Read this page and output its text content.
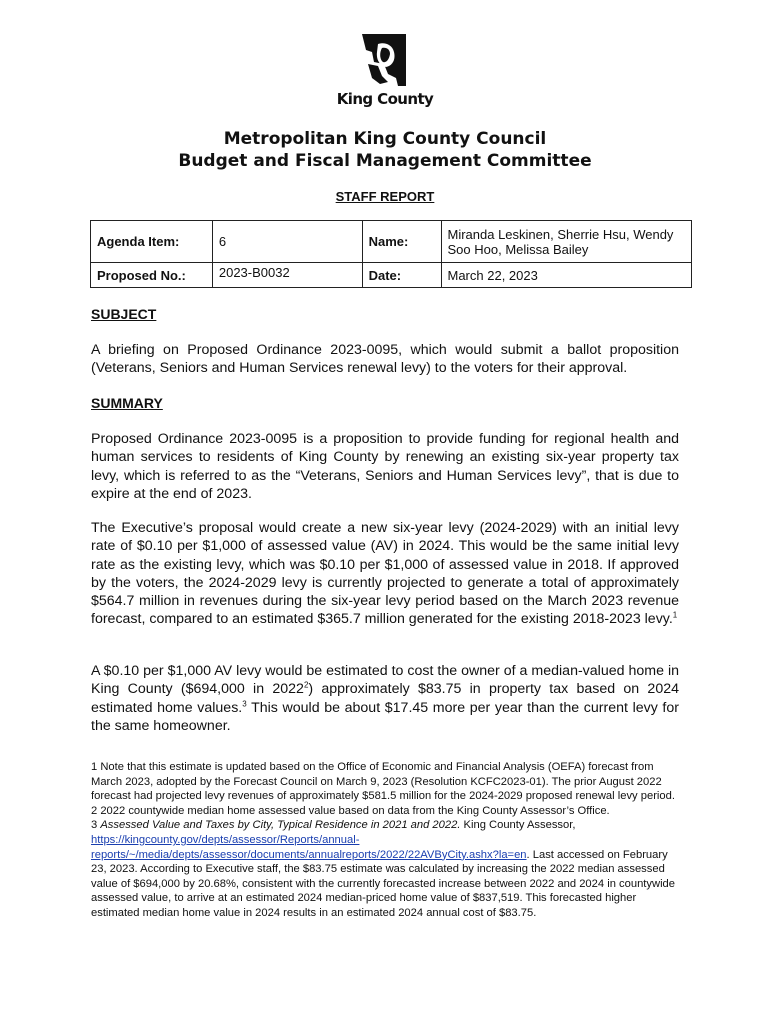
King County
Metropolitan King County Council
Budget and Fiscal Management Committee
STAFF REPORT
Agenda Item:	6	Name:	Miranda Leskinen, Sherrie Hsu, Wendy Soo Hoo, Melissa Bailey
Proposed No.:	2023-B0032	Date:	March 22, 2023
SUBJECT
A briefing on Proposed Ordinance 2023-0095, which would submit a ballot proposition (Veterans, Seniors and Human Services renewal levy) to the voters for their approval.
SUMMARY
Proposed Ordinance 2023-0095 is a proposition to provide funding for regional health and human services to residents of King County by renewing an existing six-year property tax levy, which is referred to as the “Veterans, Seniors and Human Services levy”, that is due to expire at the end of 2023.
The Executive’s proposal would create a new six-year levy (2024-2029) with an initial levy rate of $0.10 per $1,000 of assessed value (AV) in 2024. This would be the same initial levy rate as the existing levy, which was $0.10 per $1,000 of assessed value in 2018. If approved by the voters, the 2024-2029 levy is currently projected to generate a total of approximately $564.7 million in revenues during the six-year levy period based on the March 2023 revenue forecast, compared to an estimated $365.7 million generated for the existing 2018-2023 levy.$^1$
A $0.10 per $1,000 AV levy would be estimated to cost the owner of a median-valued home in King County ($694,000 in 2022$^2$) approximately $83.75 in property tax based on 2024 estimated home values.$^3$ This would be about $17.45 more per year than the current levy for the same homeowner.

1 Note that this estimate is updated based on the Office of Economic and Financial Analysis (OEFA) forecast from March 2023, adopted by the Forecast Council on March 9, 2023 (Resolution KCFC2023-01). The prior August 2022 forecast had projected levy revenues of approximately $581.5 million for the 2024-2029 proposed renewal levy period.

2 2022 countywide median home assessed value based on data from the King County Assessor’s Office.

3 Assessed Value and Taxes by City, Typical Residence in 2021 and 2022. King County Assessor, https://kingcounty.gov/depts/assessor/Reports/annual-reports/~/media/depts/assessor/documents/annualreports/2022/22AVByCity.ashx?la=en. Last accessed on February 23, 2023. According to Executive staff, the $83.75 estimate was calculated by increasing the 2022 median assessed value of $694,000 by 20.68%, consistent with the currently forecasted increase between 2022 and 2024 in countywide assessed value, to arrive at an estimated 2024 median-priced home value of $837,519. This forecasted higher estimated median home value in 2024 results in an estimated 2024 annual cost of $83.75.
